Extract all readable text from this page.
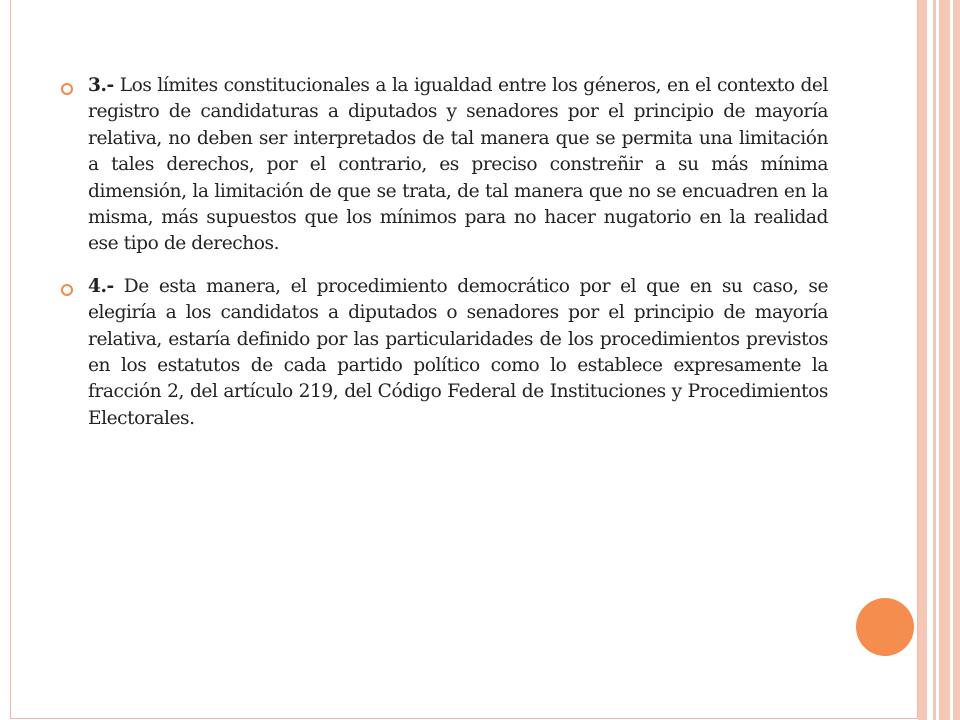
3.- Los límites constitucionales a la igualdad entre los géneros, en el contexto del registro de candidaturas a diputados y senadores por el principio de mayoría relativa, no deben ser interpretados de tal manera que se permita una limitación a tales derechos, por el contrario, es preciso constreñir a su más mínima dimensión, la limitación de que se trata, de tal manera que no se encuadren en la misma, más supuestos que los mínimos para no hacer nugatorio en la realidad ese tipo de derechos.

4.- De esta manera, el procedimiento democrático por el que en su caso, se elegiría a los candidatos a diputados o senadores por el principio de mayoría relativa, estaría definido por las particularidades de los procedimientos previstos en los estatutos de cada partido político como lo establece expresamente la fracción 2, del artículo 219, del Código Federal de Instituciones y Procedimientos Electorales.
